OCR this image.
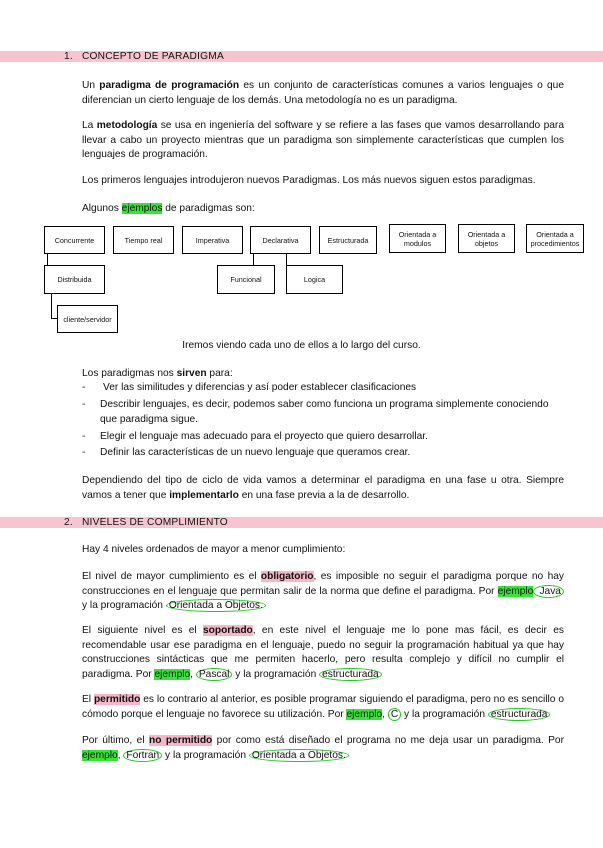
1. CONCEPTO DE PARADIGMA

Un paradigma de programación es un conjunto de características comunes a varios lenguajes o que diferencian un cierto lenguaje de los demás. Una metodología no es un paradigma.

La metodología se usa en ingeniería del software y se refiere a las fases que vamos desarrollando para llevar a cabo un proyecto mientras que un paradigma son simplemente características que cumplen los lenguajes de programación.

Los primeros lenguajes introdujeron nuevos Paradigmas. Los más nuevos siguen estos paradigmas.

Algunos ejemplos de paradigmas son:

Concurrente	Tiempo real	Imperativa	Declarativa	Estructurada
Orientada a modulos
Orientada a objetos
Orientada a procedimientos
Distribuida
cliente/servidor
Funcional	Logica
Iremos viendo cada uno de ellos a lo largo del curso.

Los paradigmas nos sirven para:

- Ver las similitudes y diferencias y así poder establecer clasificaciones
- Describir lenguajes, es decir, podemos saber como funciona un programa simplemente conociendo que paradigma sigue.
- Elegir el lenguaje mas adecuado para el proyecto que quiero desarrollar.
- Definir las características de un nuevo lenguaje que queramos crear.

Dependiendo del tipo de ciclo de vida vamos a determinar el paradigma en una fase u otra. Siempre vamos a tener que implementarlo en una fase previa a la de desarrollo.

2. NIVELES DE COMPLIMIENTO

Hay 4 niveles ordenados de mayor a menor cumplimiento:

El nivel de mayor cumplimiento es el obligatorio, es imposible no seguir el paradigma porque no hay construcciones en el lenguaje que permitan salir de la norma que define el paradigma. Por ejemplo Java y la programación Orientada a Objetos.

El siguiente nivel es el soportado, en este nivel el lenguaje me lo pone mas fácil, es decir es recomendable usar ese paradigma en el lenguaje, puedo no seguir la programación habitual ya que hay construcciones sintácticas que me permiten hacerlo, pero resulta complejo y difícil no cumplir el paradigma. Por ejemplo, Pascal y la programación estructurada

El permitido es lo contrario al anterior, es posible programar siguiendo el paradigma, pero no es sencillo o cómodo porque el lenguaje no favorece su utilización. Por ejemplo, C y la programación estructurada

Por último, el no permitido por como está diseñado el programa no me deja usar un paradigma. Por ejemplo, Fortran y la programación Orientada a Objetos.
